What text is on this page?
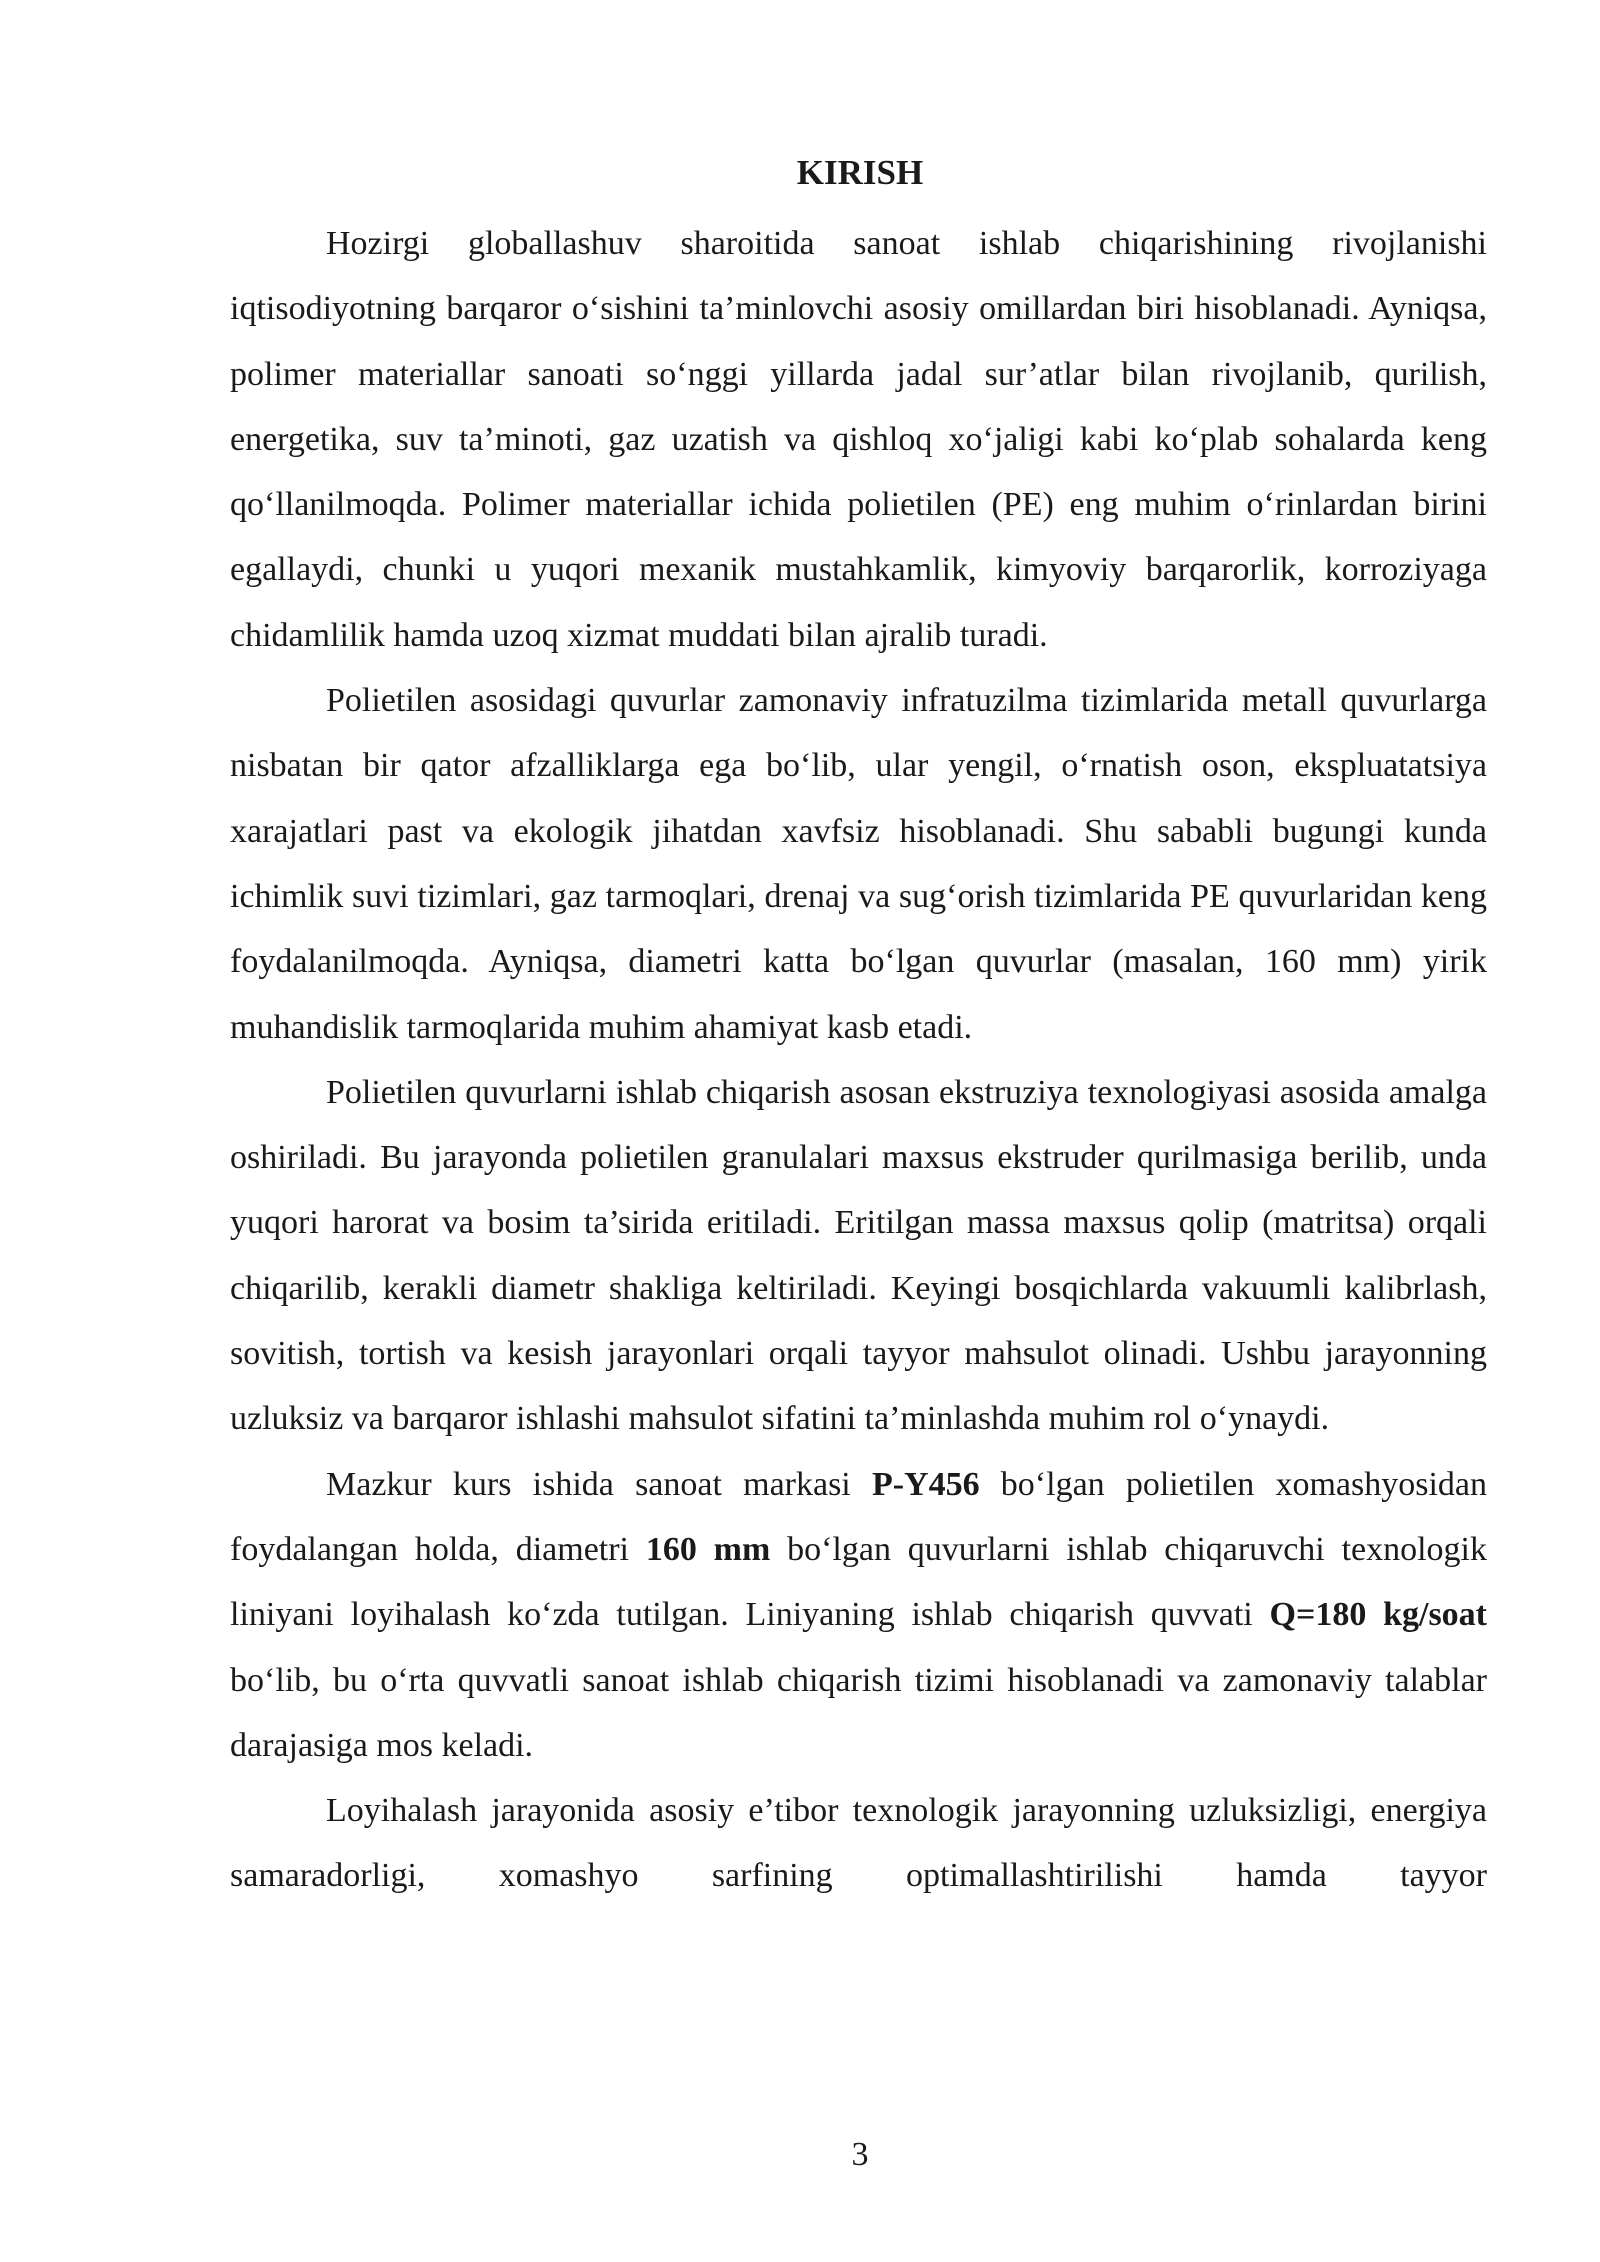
KIRISH

Hozirgi globallashuv sharoitida sanoat ishlab chiqarishining rivojlanishi iqtisodiyotning barqaror o‘sishini ta’minlovchi asosiy omillardan biri hisoblanadi. Ayniqsa, polimer materiallar sanoati so‘nggi yillarda jadal sur’atlar bilan rivojlanib, qurilish, energetika, suv ta’minoti, gaz uzatish va qishloq xo‘jaligi kabi ko‘plab sohalarda keng qo‘llanilmoqda. Polimer materiallar ichida polietilen (PE) eng muhim o‘rinlardan birini egallaydi, chunki u yuqori mexanik mustahkamlik, kimyoviy barqarorlik, korroziyaga chidamlilik hamda uzoq xizmat muddati bilan ajralib turadi.

Polietilen asosidagi quvurlar zamonaviy infratuzilma tizimlarida metall quvurlarga nisbatan bir qator afzalliklarga ega bo‘lib, ular yengil, o‘rnatish oson, ekspluatatsiya xarajatlari past va ekologik jihatdan xavfsiz hisoblanadi. Shu sababli bugungi kunda ichimlik suvi tizimlari, gaz tarmoqlari, drenaj va sug‘orish tizimlarida PE quvurlaridan keng foydalanilmoqda. Ayniqsa, diametri katta bo‘lgan quvurlar (masalan, 160 mm) yirik muhandislik tarmoqlarida muhim ahamiyat kasb etadi.

Polietilen quvurlarni ishlab chiqarish asosan ekstruziya texnologiyasi asosida amalga oshiriladi. Bu jarayonda polietilen granulalari maxsus ekstruder qurilmasiga berilib, unda yuqori harorat va bosim ta’sirida eritiladi. Eritilgan massa maxsus qolip (matritsa) orqali chiqarilib, kerakli diametr shakliga keltiriladi. Keyingi bosqichlarda vakuumli kalibrlash, sovitish, tortish va kesish jarayonlari orqali tayyor mahsulot olinadi. Ushbu jarayonning uzluksiz va barqaror ishlashi mahsulot sifatini ta’minlashda muhim rol o‘ynaydi.

Mazkur kurs ishida sanoat markasi P-Y456 bo‘lgan polietilen xomashyosidan foydalangan holda, diametri 160 mm bo‘lgan quvurlarni ishlab chiqaruvchi texnologik liniyani loyihalash ko‘zda tutilgan. Liniyaning ishlab chiqarish quvvati Q=180 kg/soat bo‘lib, bu o‘rta quvvatli sanoat ishlab chiqarish tizimi hisoblanadi va zamonaviy talablar darajasiga mos keladi.

Loyihalash jarayonida asosiy e’tibor texnologik jarayonning uzluksizligi, energiya samaradorligi, xomashyo sarfining optimallashtirilishi hamda tayyor

3
